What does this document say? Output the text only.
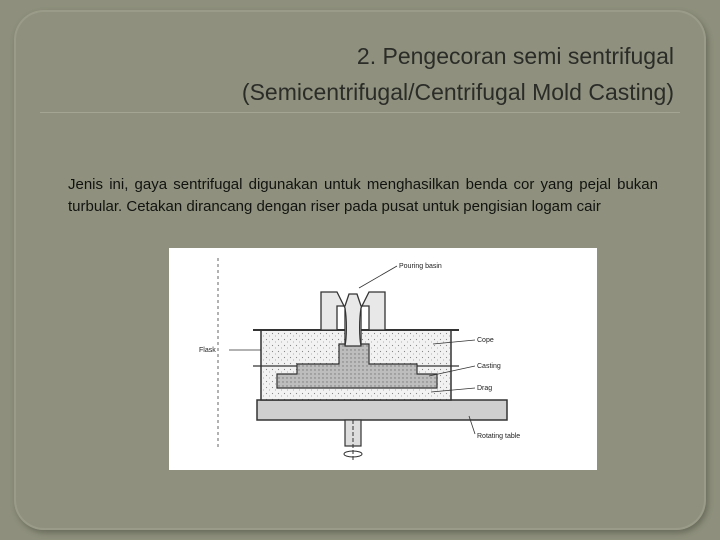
2. Pengecoran semi sentrifugal
(Semicentrifugal/Centrifugal Mold Casting)
Jenis ini, gaya sentrifugal digunakan untuk menghasilkan benda cor yang pejal bukan turbular. Cetakan dirancang dengan riser pada pusat untuk pengisian logam cair
Pouring basin
Flask
Cope
Casting
Drag
Rotating table
